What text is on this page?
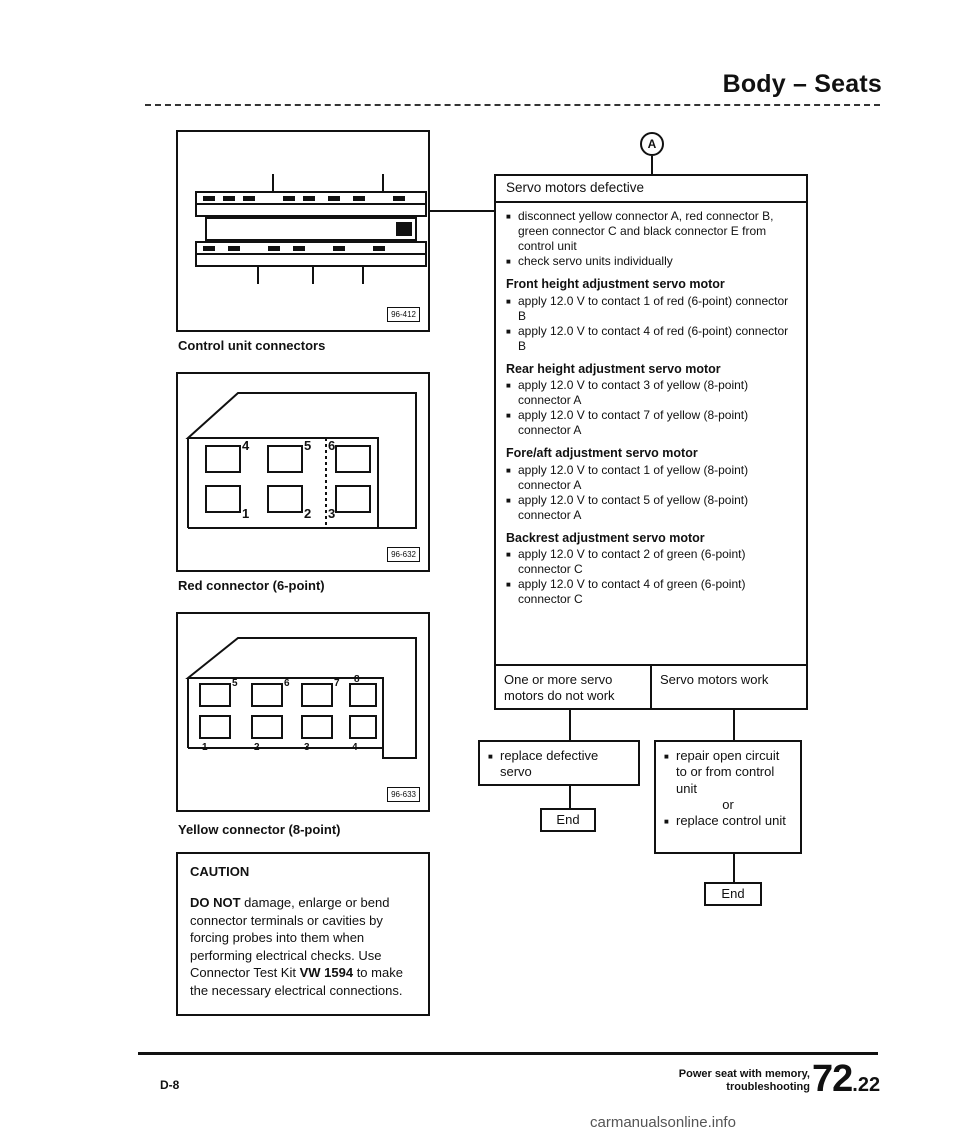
Body – Seats
96-412
Control unit connectors
4	5 6
1	2 3
96-632
Red connector (6-point)
5	6	7 8
1	2	3	4
96-633
Yellow connector (8-point)
CAUTION
DO NOT damage, enlarge or bend connector terminals or cavities by forcing probes into them when performing electrical checks. Use Connector Test Kit VW 1594 to make the necessary electrical connections.
A
Servo motors defective

■ disconnect yellow connector A, red connector B, green connector C and black connector E from control unit

■ check servo units individually

Front height adjustment servo motor

■ apply 12.0 V to contact 1 of red (6-point) connector B

■ apply 12.0 V to contact 4 of red (6-point) connector B

Rear height adjustment servo motor

■ apply 12.0 V to contact 3 of yellow (8-point) connector A

■ apply 12.0 V to contact 7 of yellow (8-point) connector A

Fore/aft adjustment servo motor

■ apply 12.0 V to contact 1 of yellow (8-point) connector A

■ apply 12.0 V to contact 5 of yellow (8-point) connector A

Backrest adjustment servo motor

■ apply 12.0 V to contact 2 of green (6-point) connector C

■ apply 12.0 V to contact 4 of green (6-point) connector C

One or more servo motors do not work
Servo motors work

■ replace defective servo

End

■ repair open circuit to or from control unit

or

■ replace control unit

End
D-8
Power seat with memory,
troubleshooting 72.22
carmanualsonline.info
